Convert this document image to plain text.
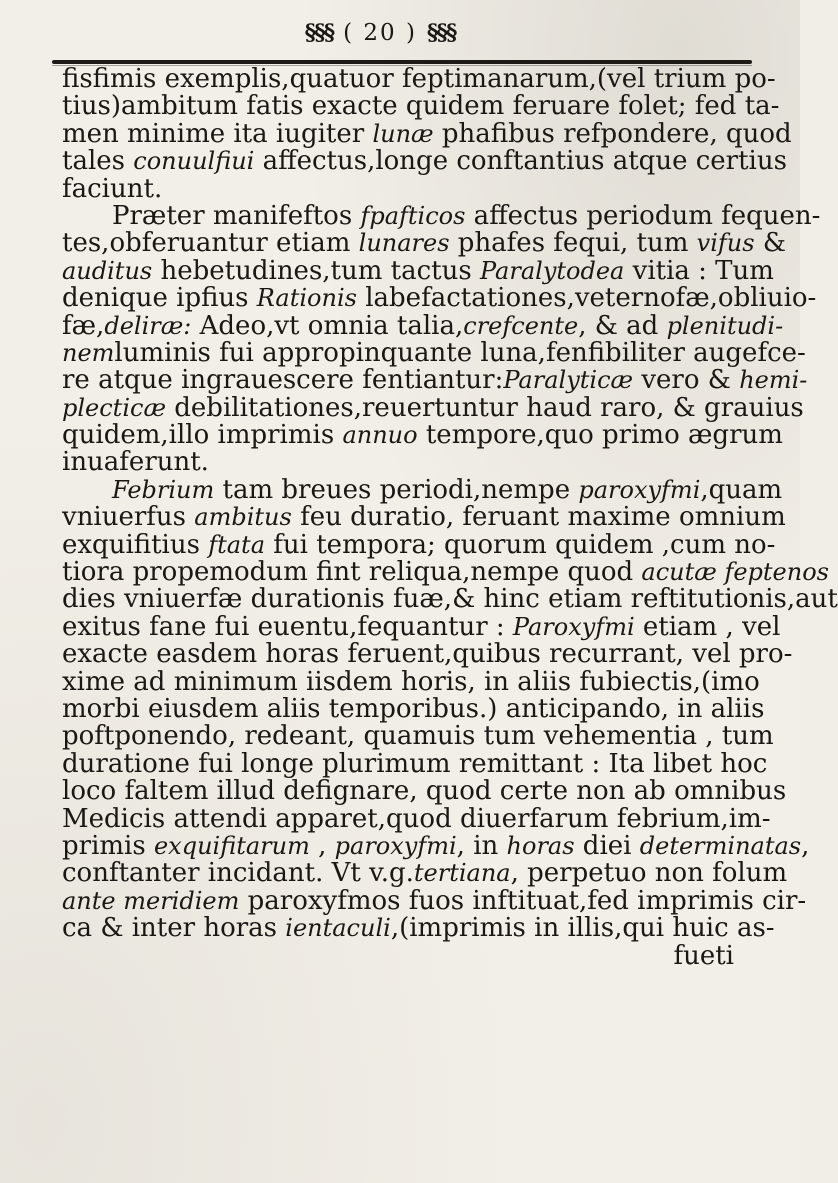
§§§ ( 20 ) §§§
fisfimis exemplis,quatuor feptimanarum,(vel trium po-
tius)ambitum fatis exacte quidem feruare folet; fed ta-
men minime ita iugiter lunæ phafibus refpondere, quod
tales conuulfiui affectus,longe conftantius atque certius
faciunt.
Præter manifeftos fpafticos affectus periodum fequen-
tes,obferuantur etiam lunares phafes fequi, tum vifus &
auditus hebetudines,tum tactus Paralytodea vitia : Tum
denique ipfius Rationis labefactationes,veternofæ,obliuio-
fæ,deliræ: Adeo,vt omnia talia,crefcente, & ad plenitudi-
nemluminis fui appropinquante luna,fenfibiliter augefce-
re atque ingrauescere fentiantur:Paralyticæ vero & hemi-
plecticæ debilitationes,reuertuntur haud raro, & grauius
quidem,illo imprimis annuo tempore,quo primo ægrum
inuaferunt.
Febrium tam breues periodi,nempe paroxyfmi,quam
vniuerfus ambitus feu duratio, feruant maxime omnium
exquifitius ftata fui tempora; quorum quidem ,cum no-
tiora propemodum fint reliqua,nempe quod acutæ feptenos
dies vniuerfæ durationis fuæ,& hinc etiam reftitutionis,aut
exitus fane fui euentu,fequantur : Paroxyfmi etiam , vel
exacte easdem horas feruent,quibus recurrant, vel pro-
xime ad minimum iisdem horis, in aliis fubiectis,(imo
morbi eiusdem aliis temporibus.) anticipando, in aliis
poftponendo, redeant, quamuis tum vehementia , tum
duratione fui longe plurimum remittant : Ita libet hoc
loco faltem illud defignare, quod certe non ab omnibus
Medicis attendi apparet,quod diuerfarum febrium,im-
primis exquifitarum , paroxyfmi, in horas diei determinatas,
conftanter incidant. Vt v.g.tertiana, perpetuo non folum
ante meridiem paroxyfmos fuos inftituat,fed imprimis cir-
ca & inter horas ientaculi,(imprimis in illis,qui huic as-
fueti
